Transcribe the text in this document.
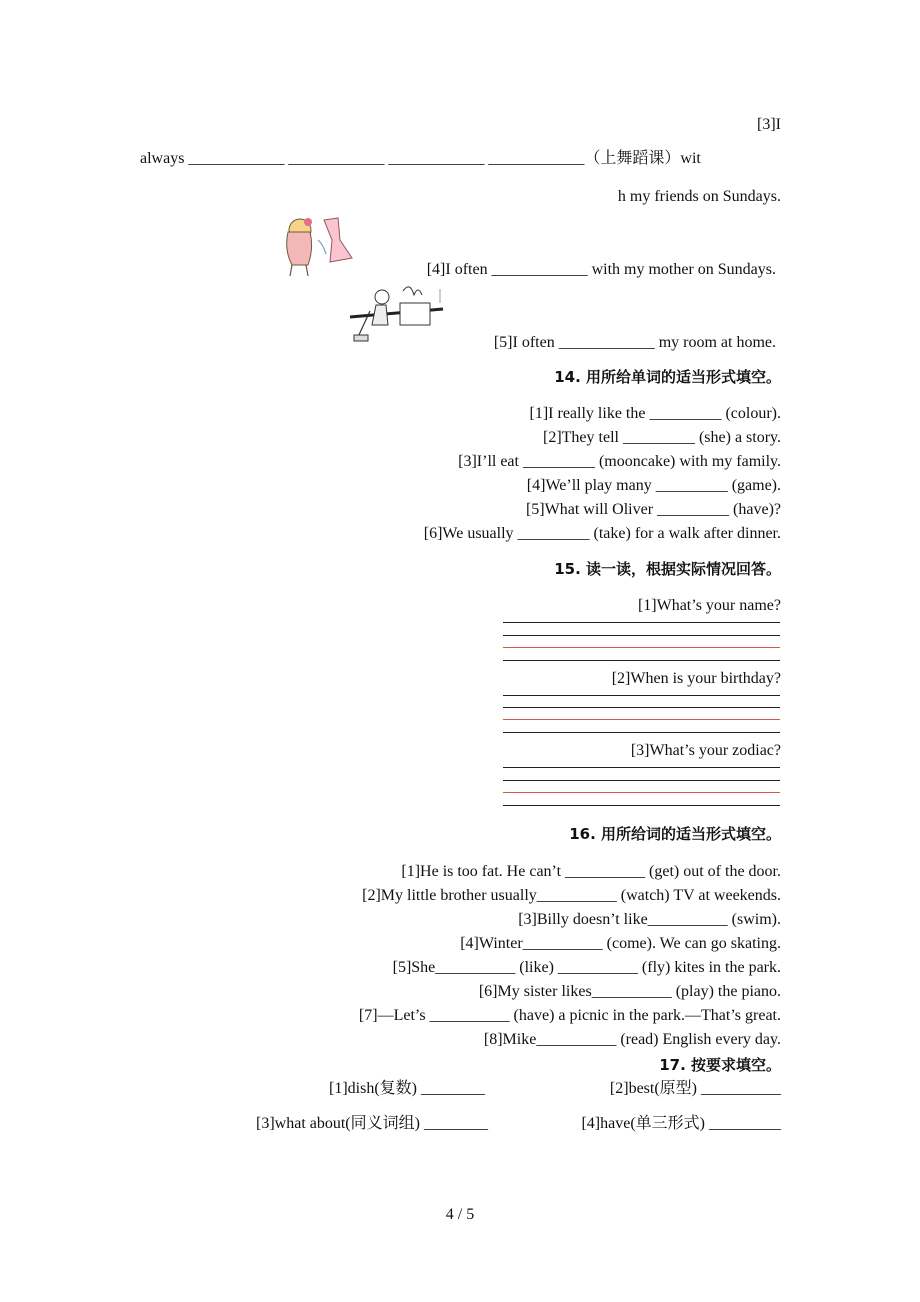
[3]I
always ____________ ____________ ____________ ____________（上舞蹈课）wit
h my friends on Sundays.
[4]I often ____________ with my mother on Sundays.
[5]I often ____________ my room at home.
14. 用所给单词的适当形式填空。
[1]I really like the _________ (colour).
[2]They tell _________ (she) a story.
[3]I’ll eat _________ (mooncake) with my family.
[4]We’ll play many _________ (game).
[5]What will Oliver _________ (have)?
[6]We usually _________ (take) for a walk after dinner.
15. 读一读，根据实际情况回答。
[1]What’s your name?
[2]When is your birthday?
[3]What’s your zodiac?
16. 用所给词的适当形式填空。
[1]He is too fat. He can’t __________ (get) out of the door.
[2]My little brother usually__________ (watch) TV at weekends.
[3]Billy doesn’t like__________ (swim).
[4]Winter__________ (come). We can go skating.
[5]She__________ (like) __________ (fly) kites in the park.
[6]My sister likes__________ (play) the piano.
[7]—Let’s __________ (have) a picnic in the park.—That’s great.
[8]Mike__________ (read) English every day.
17. 按要求填空。
[1]dish(复数) ________	[2]best(原型) __________
[3]what about(同义词组) ________	[4]have(单三形式) _________
4 / 5
